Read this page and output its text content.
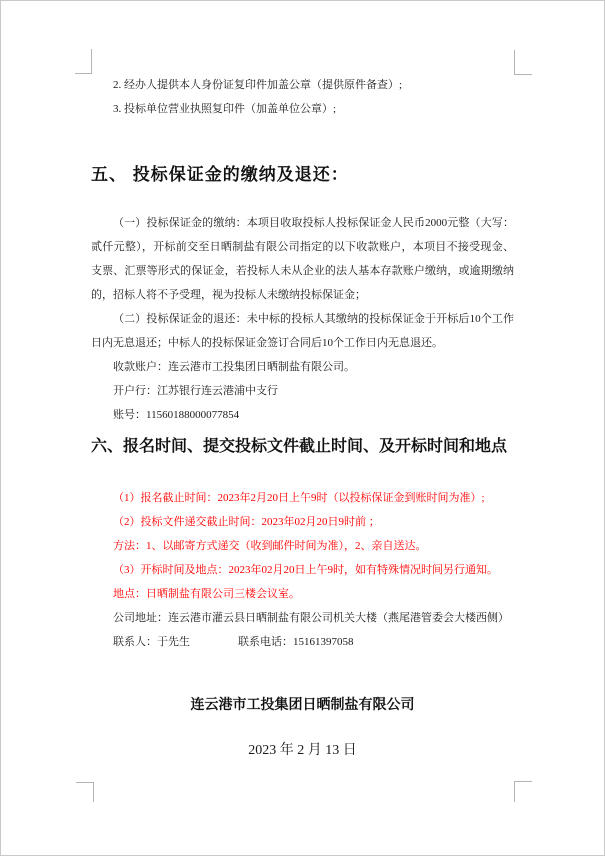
2. 经办人提供本人身份证复印件加盖公章（提供原件备查）;
3. 投标单位营业执照复印件（加盖单位公章）;
五、 投标保证金的缴纳及退还：

（一）投标保证金的缴纳：本项目收取投标人投标保证金人民币2000元整（大写：贰仟元整），开标前交至日晒制盐有限公司指定的以下收款账户，本项目不接受现金、支票、汇票等形式的保证金，若投标人未从企业的法人基本存款账户缴纳，或逾期缴纳的，招标人将不予受理，视为投标人未缴纳投标保证金；

（二）投标保证金的退还：未中标的投标人其缴纳的投标保证金于开标后10个工作日内无息退还；中标人的投标保证金签订合同后10个工作日内无息退还。

收款账户：连云港市工投集团日晒制盐有限公司。
开户行：江苏银行连云港浦中支行
账号：11560188000077854
六、报名时间、提交投标文件截止时间、及开标时间和地点
（1）报名截止时间：2023年2月20日上午9时（以投标保证金到账时间为准）;
（2）投标文件递交截止时间：2023年02月20日9时前 ；
方法：1、以邮寄方式递交（收到邮件时间为准），2、亲自送达。
（3）开标时间及地点：2023年02月20日上午9时，如有特殊情况时间另行通知。
地点：日晒制盐有限公司三楼会议室。
公司地址：连云港市灌云县日晒制盐有限公司机关大楼（燕尾港管委会大楼西侧）
联系人：于先生	联系电话：15161397058
连云港市工投集团日晒制盐有限公司
2023 年 2 月 13 日
